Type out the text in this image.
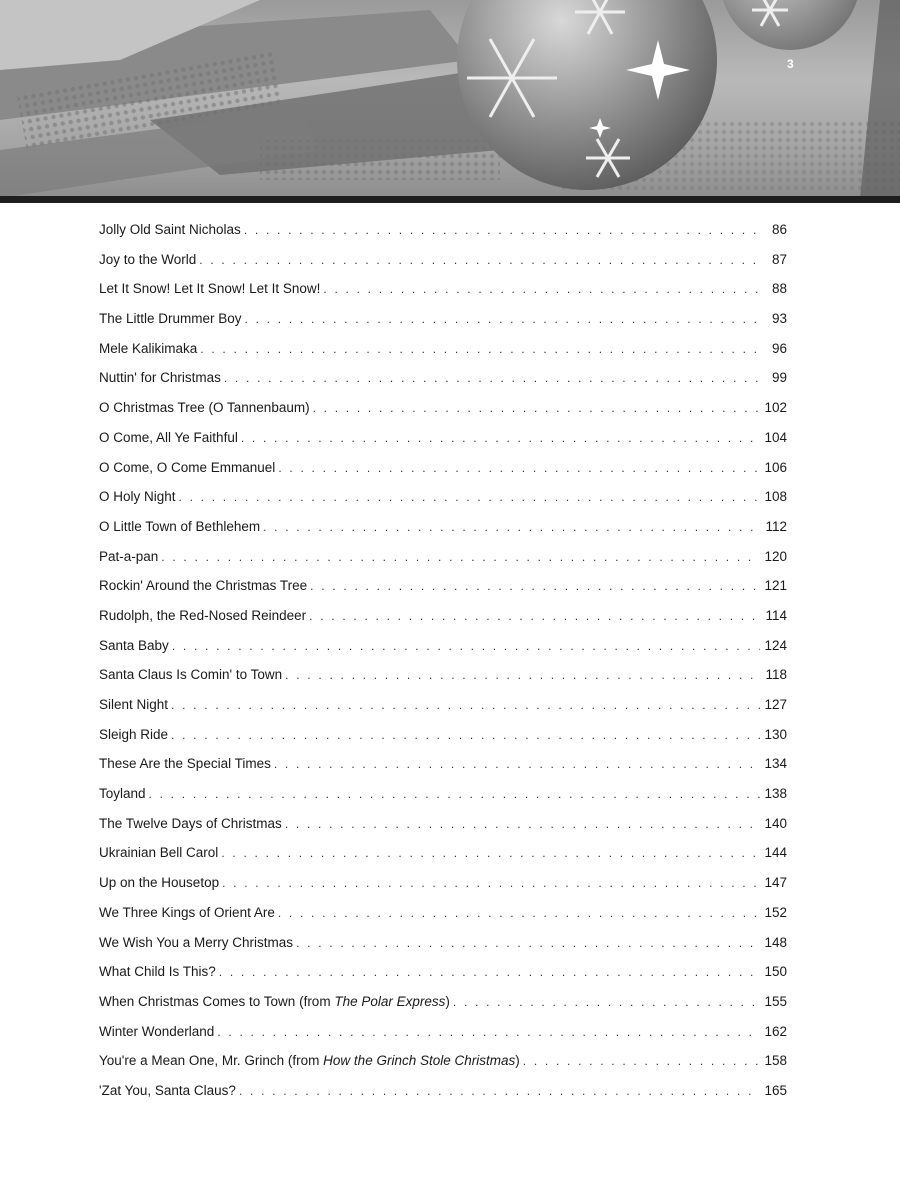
3
Jolly Old Saint Nicholas . . .	86
Joy to the World . . .	87
Let It Snow! Let It Snow! Let It Snow! . . .	88
The Little Drummer Boy . . .	93
Mele Kalikimaka . . .	96
Nuttin' for Christmas . . .	99
O Christmas Tree (O Tannenbaum) . . .	102
O Come, All Ye Faithful . . .	104
O Come, O Come Emmanuel . . .	106
O Holy Night . . .	108
O Little Town of Bethlehem . . .	112
Pat-a-pan . . .	120
Rockin' Around the Christmas Tree . . .	121
Rudolph, the Red-Nosed Reindeer . . .	114
Santa Baby . . .	124
Santa Claus Is Comin' to Town . . .	118
Silent Night . . .	127
Sleigh Ride . . .	130
These Are the Special Times . . .	134
Toyland . . .	138
The Twelve Days of Christmas . . .	140
Ukrainian Bell Carol . . .	144
Up on the Housetop . . .	147
We Three Kings of Orient Are . . .	152
We Wish You a Merry Christmas . . .	148
What Child Is This? . . .	150
When Christmas Comes to Town (from The Polar Express) . . .	155
Winter Wonderland . . .	162
You're a Mean One, Mr. Grinch (from How the Grinch Stole Christmas) . . .	158
'Zat You, Santa Claus? . . .	165
